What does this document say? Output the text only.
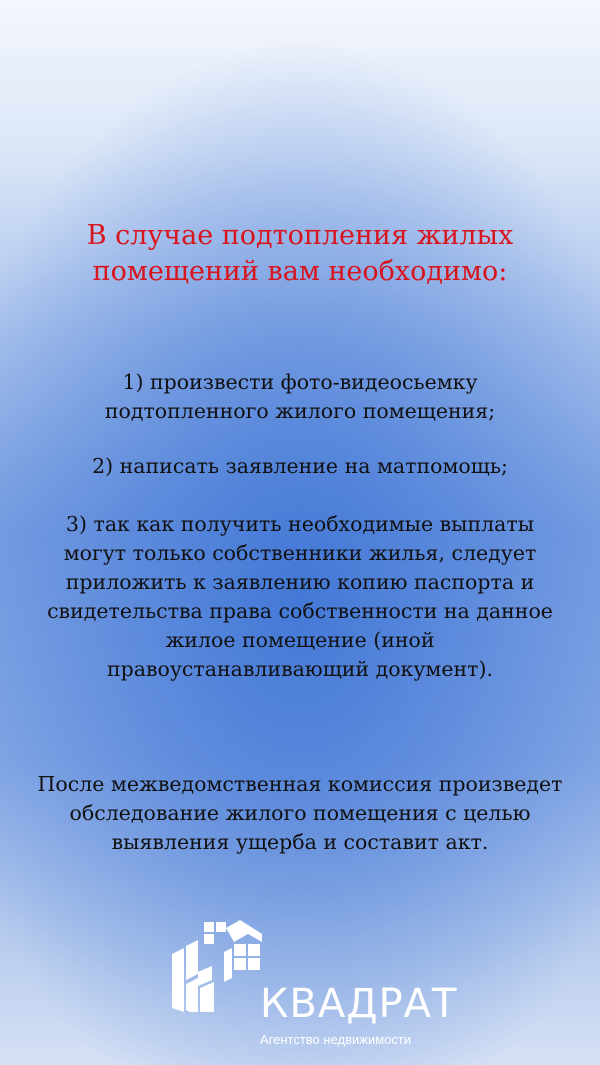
В случае подтопления жилых
помещений вам необходимо:
1) произвести фото-видеосьемку
подтопленного жилого помещения;
2) написать заявление на матпомощь;
3) так как получить необходимые выплаты
могут только собственники жилья, следует
приложить к заявлению копию паспорта и
свидетельства права собственности на данное
жилое помещение (иной
правоустанавливающий документ).
После межведомственная комиссия произведет
обследование жилого помещения с целью
выявления ущерба и составит акт.
КВАДРАТ
Агентство недвижимости
